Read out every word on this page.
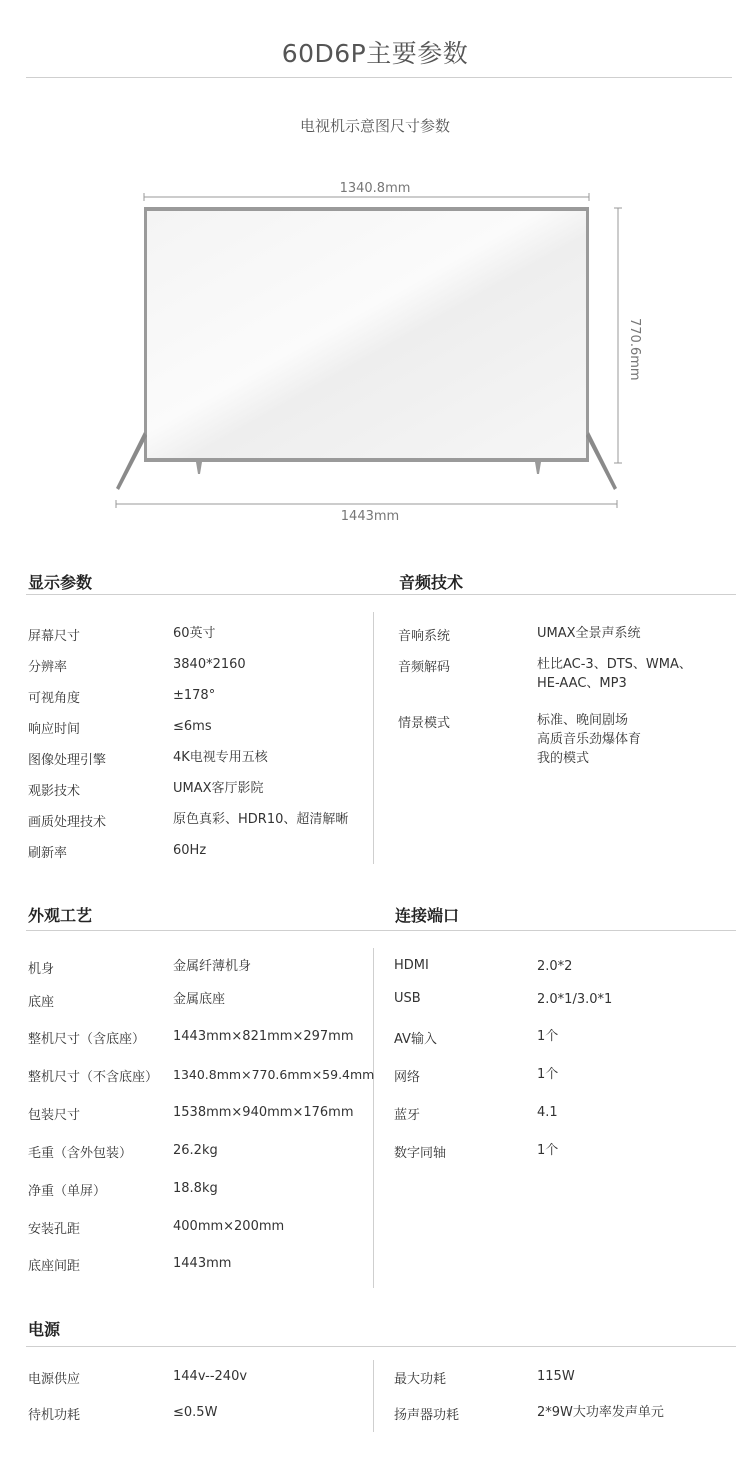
60D6P主要参数
电视机示意图尺寸参数
1340.8mm
770.6mm
1443mm
显示参数	音频技术
屏幕尺寸	60英寸
分辨率	3840*2160
可视角度	±178°
响应时间	≤6ms
图像处理引擎	4K电视专用五核
观影技术	UMAX客厅影院
画质处理技术	原色真彩、HDR10、超清解晰
刷新率	60Hz
音响系统	UMAX全景声系统
音频解码	杜比AC-3、DTS、WMA、
HE-AAC、MP3
情景模式	标准、晚间剧场
高质音乐劲爆体育
我的模式
外观工艺	连接端口
机身	金属纤薄机身
底座	金属底座
整机尺寸（含底座） 1443mm×821mm×297mm
整机尺寸（不含底座） 1340.8mm×770.6mm×59.4mm
包装尺寸	1538mm×940mm×176mm
毛重（含外包装）	26.2kg
净重（单屏）	18.8kg
安装孔距	400mm×200mm
底座间距	1443mm
HDMI	2.0*2
USB	2.0*1/3.0*1
AV输入	1个
网络	1个
蓝牙	4.1
数字同轴	1个
电源
电源供应	144v--240v
待机功耗	≤0.5W
最大功耗	115W
扬声器功耗	2*9W大功率发声单元
